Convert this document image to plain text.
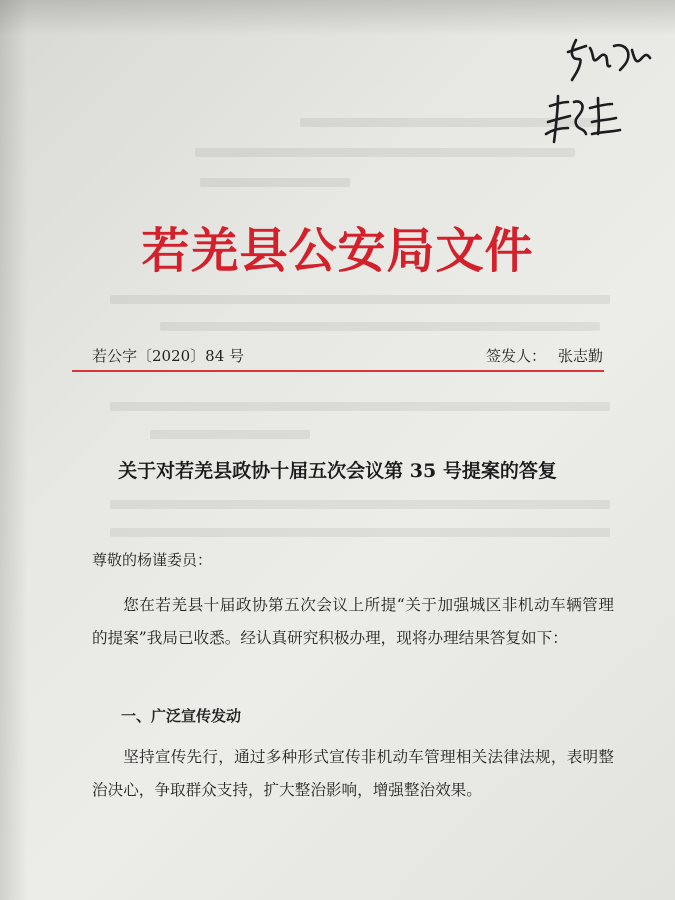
若羌县公安局文件
若公字〔2020〕84 号	签发人： 张志勤
关于对若羌县政协十届五次会议第 35 号提案的答复
尊敬的杨谨委员：
您在若羌县十届政协第五次会议上所提“关于加强城区非机动车辆管理的提案”我局已收悉。经认真研究积极办理，现将办理结果答复如下：
一、广泛宣传发动
坚持宣传先行，通过多种形式宣传非机动车管理相关法律法规，表明整治决心，争取群众支持，扩大整治影响，增强整治效果。
